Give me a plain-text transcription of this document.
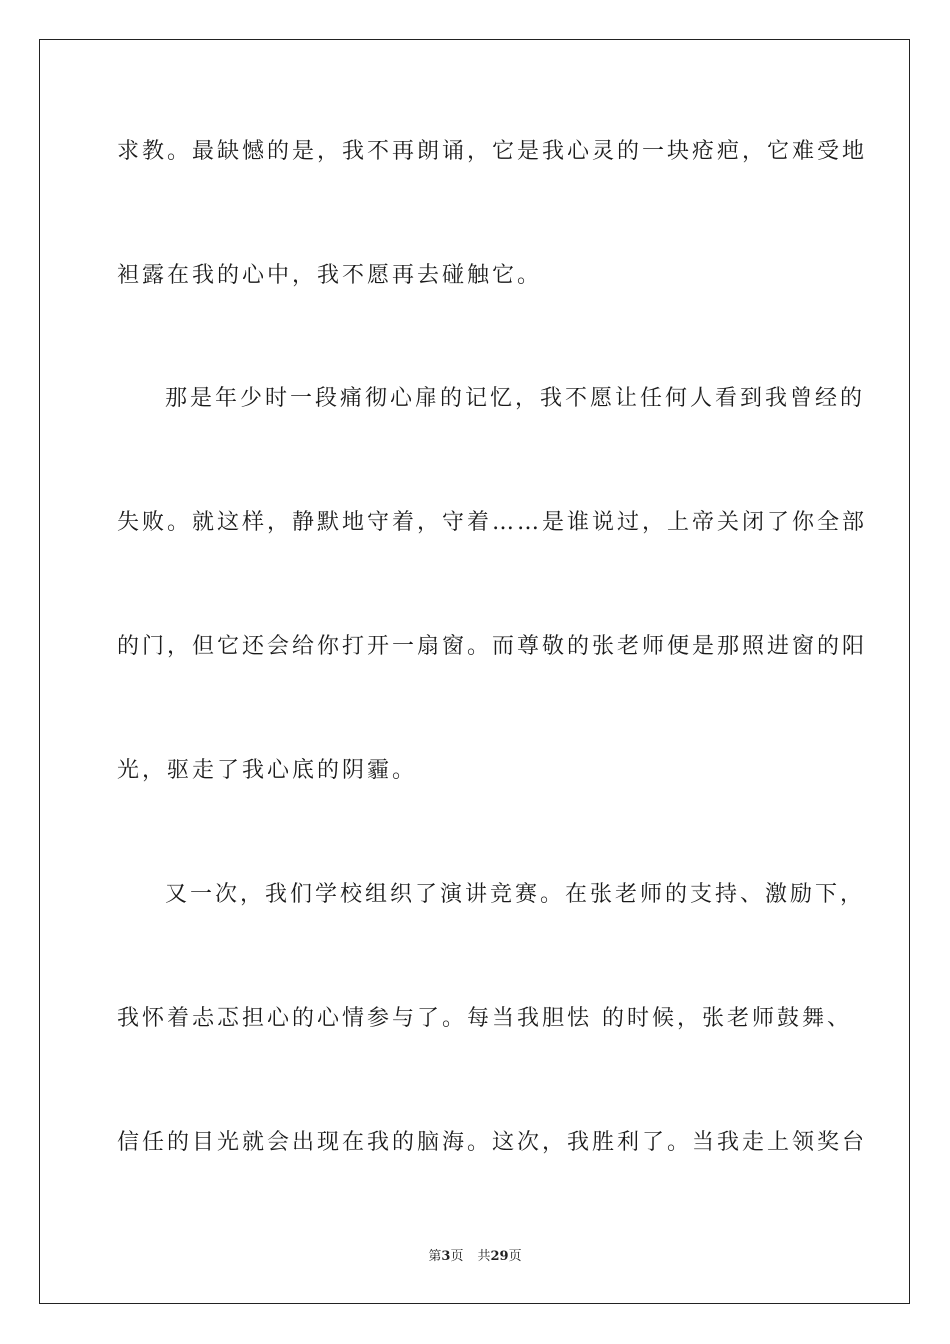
求教。最缺憾的是，我不再朗诵，它是我心灵的一块疮疤，它难受地
袒露在我的心中，我不愿再去碰触它。
那是年少时一段痛彻心扉的记忆，我不愿让任何人看到我曾经的
失败。就这样，静默地守着，守着……是谁说过，上帝关闭了你全部
的门，但它还会给你打开一扇窗。而尊敬的张老师便是那照进窗的阳
光，驱走了我心底的阴霾。
又一次，我们学校组织了演讲竞赛。在张老师的支持、激励下，
我怀着忐忑担心的心情参与了。每当我胆怯 的时候，张老师鼓舞、
信任的目光就会出现在我的脑海。这次，我胜利了。当我走上领奖台
第3页 共29页
